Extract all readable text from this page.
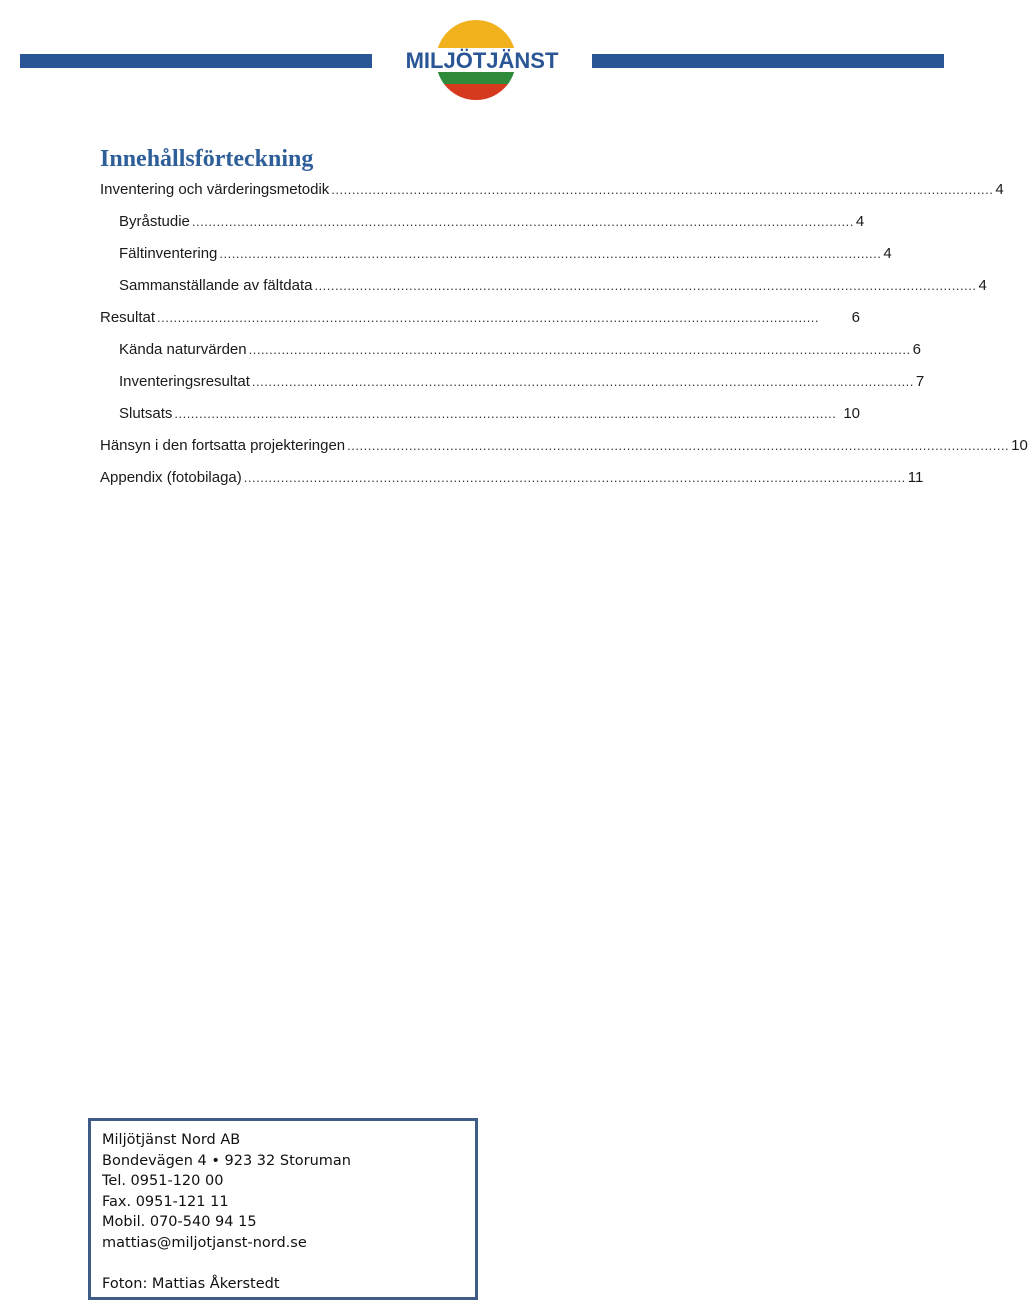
MILJÖTJÄNST
Innehållsförteckning
Inventering och värderingsmetodik ................................................................................................................................................................. 4
Byråstudie ................................................................................................................................................................. 4
Fältinventering ................................................................................................................................................................. 4
Sammanställande av fältdata ................................................................................................................................................................. 4
Resultat .................................................................................................................................................................	6
Kända naturvärden ................................................................................................................................................................. 6
Inventeringsresultat ................................................................................................................................................................. 7
Slutsats ................................................................................................................................................................. 10
Hänsyn i den fortsatta projekteringen ................................................................................................................................................................. 10
Appendix (fotobilaga) ................................................................................................................................................................. 11
Miljötjänst Nord AB
Bondevägen 4 • 923 32 Storuman
Tel. 0951-120 00
Fax. 0951-121 11
Mobil. 070-540 94 15
mattias@miljotjanst-nord.se
Foton: Mattias Åkerstedt
